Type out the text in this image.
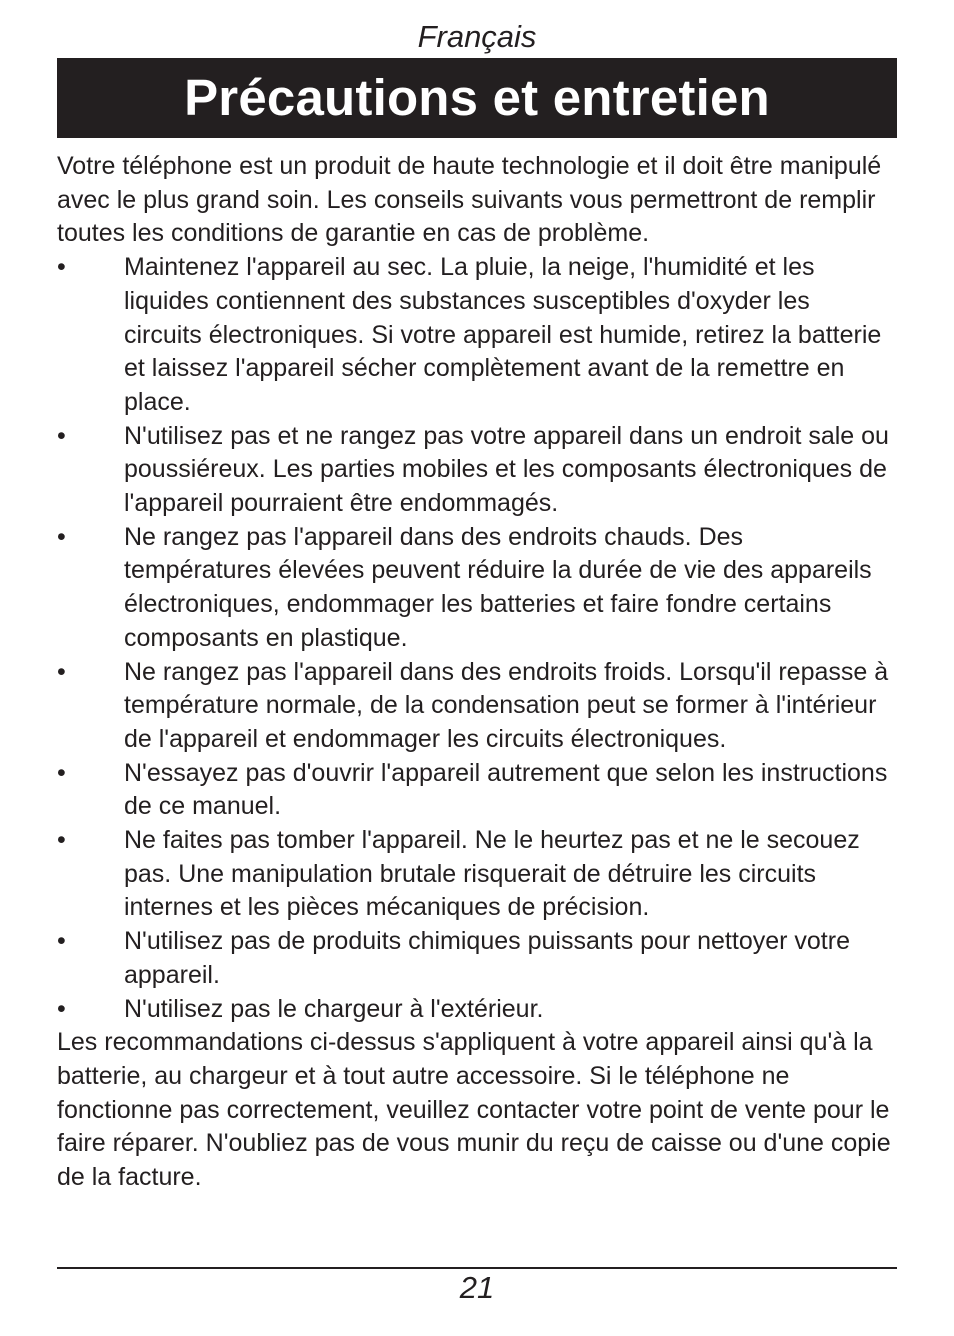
Français
Précautions et entretien

Votre téléphone est un produit de haute technologie et il doit être manipulé avec le plus grand soin. Les conseils suivants vous permettront de remplir toutes les conditions de garantie en cas de problème.

• Maintenez l'appareil au sec. La pluie, la neige, l'humidité et les liquides contiennent des substances susceptibles d'oxyder les circuits électroniques. Si votre appareil est humide, retirez la batterie et laissez l'appareil sécher complètement avant de la remettre en place.
• N'utilisez pas et ne rangez pas votre appareil dans un endroit sale ou poussiéreux. Les parties mobiles et les composants électroniques de l'appareil pourraient être endommagés.
• Ne rangez pas l'appareil dans des endroits chauds. Des températures élevées peuvent réduire la durée de vie des appareils électroniques, endommager les batteries et faire fondre certains composants en plastique.
• Ne rangez pas l'appareil dans des endroits froids. Lorsqu'il repasse à température normale, de la condensation peut se former à l'intérieur de l'appareil et endommager les circuits électroniques.
• N'essayez pas d'ouvrir l'appareil autrement que selon les instructions de ce manuel.
• Ne faites pas tomber l'appareil. Ne le heurtez pas et ne le secouez pas. Une manipulation brutale risquerait de détruire les circuits internes et les pièces mécaniques de précision.
• N'utilisez pas de produits chimiques puissants pour nettoyer votre appareil.
• N'utilisez pas le chargeur à l'extérieur.

Les recommandations ci-dessus s'appliquent à votre appareil ainsi qu'à la batterie, au chargeur et à tout autre accessoire. Si le téléphone ne fonctionne pas correctement, veuillez contacter votre point de vente pour le faire réparer. N'oubliez pas de vous munir du reçu de caisse ou d'une copie de la facture.

21
